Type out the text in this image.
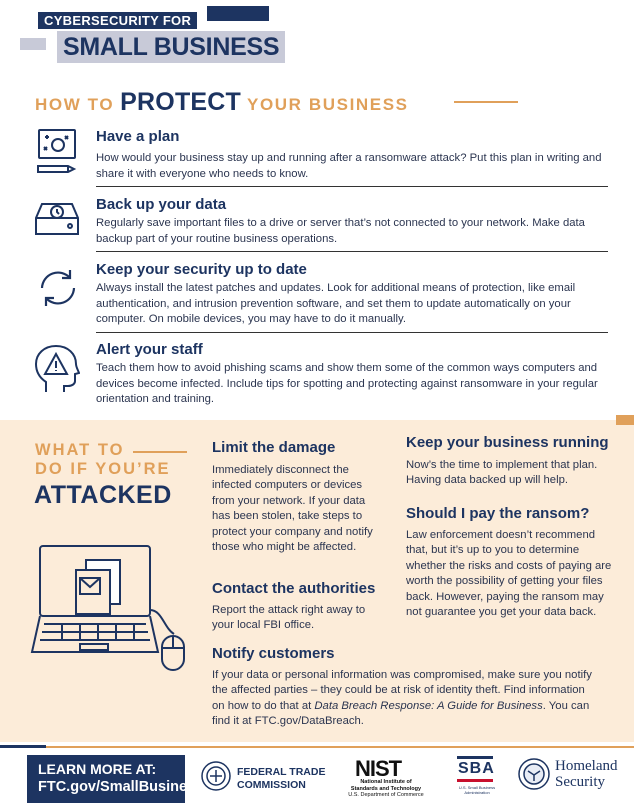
CYBERSECURITY FOR
SMALL BUSINESS
HOW TO PROTECT YOUR BUSINESS
Have a plan
How would your business stay up and running after a ransomware attack? Put this plan in writing and share it with everyone who needs to know.
Back up your data
Regularly save important files to a drive or server that’s not connected to your network. Make data backup part of your routine business operations.
Keep your security up to date
Always install the latest patches and updates. Look for additional means of protection, like email authentication, and intrusion prevention software, and set them to update automatically on your computer. On mobile devices, you may have to do it manually.
Alert your staff
Teach them how to avoid phishing scams and show them some of the common ways computers and devices become infected. Include tips for spotting and protecting against ransomware in your regular orientation and training.
WHAT TO
DO IF YOU’RE
ATTACKED
Limit the damage
Immediately disconnect the infected computers or devices from your network. If your data has been stolen, take steps to protect your company and notify those who might be affected.
Contact the authorities
Report the attack right away to your local FBI office.
Notify customers
If your data or personal information was compromised, make sure you notify the affected parties – they could be at risk of identity theft. Find information on how to do that at Data Breach Response: A Guide for Business. You can find it at FTC.gov/DataBreach.
Keep your business running
Now’s the time to implement that plan. Having data backed up will help.
Should I pay the ransom?
Law enforcement doesn’t recommend that, but it’s up to you to determine whether the risks and costs of paying are worth the possibility of getting your files back. However, paying the ransom may not guarantee you get your data back.
LEARN MORE AT:
FTC.gov/SmallBusiness
FEDERAL TRADE
COMMISSION
NIST
National Institute of
Standards and Technology
U.S. Department of Commerce
SBA
U.S. Small Business Administration
Homeland
Security
